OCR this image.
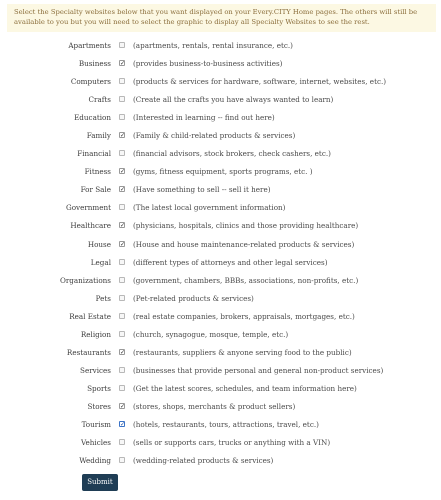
Select the Specialty websites below that you want displayed on your Every.CITY Home pages. The others will still be available to you but you will need to select the graphic to display all Specialty Websites to see the rest.
Apartments	(apartments, rentals, rental insurance, etc.)
Business ✓ (provides business-to-business activities)
Computers	(products & services for hardware, software, internet, websites, etc.)
Crafts	(Create all the crafts you have always wanted to learn)
Education	(Interested in learning -- find out here)
Family ✓ (Family & child-related products & services)
Financial	(financial advisors, stock brokers, check cashers, etc.)
Fitness ✓ (gyms, fitness equipment, sports programs, etc. )
For Sale ✓ (Have something to sell -- sell it here)
Government	(The latest local government information)
Healthcare ✓ (physicians, hospitals, clinics and those providing healthcare)
House ✓ (House and house maintenance-related products & services)
Legal	(different types of attorneys and other legal services)
Organizations	(government, chambers, BBBs, associations, non-profits, etc.)
Pets	(Pet-related products & services)
Real Estate	(real estate companies, brokers, appraisals, mortgages, etc.)
Religion	(church, synagogue, mosque, temple, etc.)
Restaurants ✓ (restaurants, suppliers & anyone serving food to the public)
Services	(businesses that provide personal and general non-product services)
Sports	(Get the latest scores, schedules, and team information here)
Stores ✓ (stores, shops, merchants & product sellers)
Tourism ✓ (hotels, restaurants, tours, attractions, travel, etc.)
Vehicles	(sells or supports cars, trucks or anything with a VIN)
Wedding	(wedding-related products & services)
Submit
